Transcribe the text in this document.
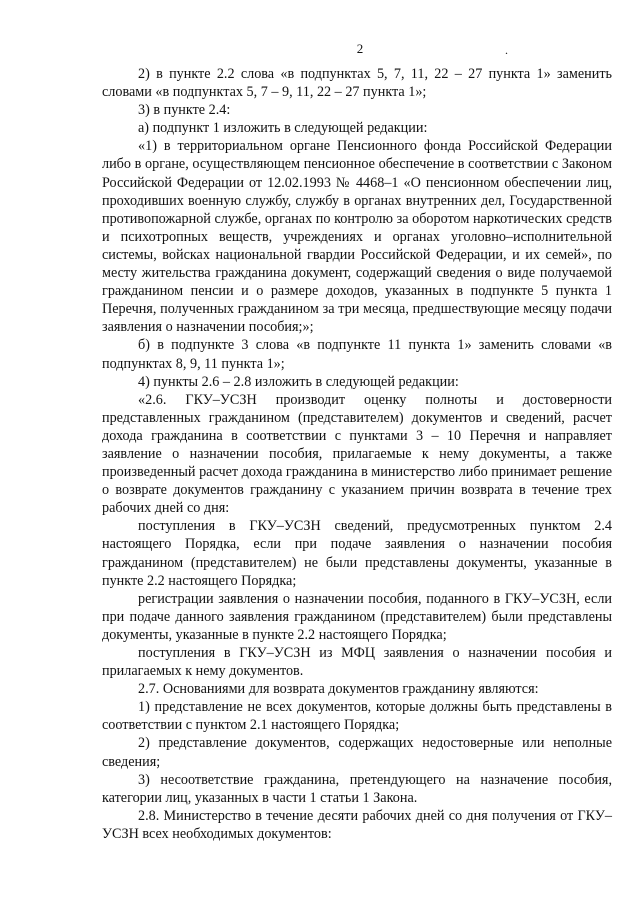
2	.

2) в пункте 2.2 слова «в подпунктах 5, 7, 11, 22 – 27 пункта 1» заменить словами «в подпунктах 5, 7 – 9, 11, 22 – 27 пункта 1»;

3) в пункте 2.4:

а) подпункт 1 изложить в следующей редакции:

«1) в территориальном органе Пенсионного фонда Российской Федерации либо в органе, осуществляющем пенсионное обеспечение в соответствии с Законом Российской Федерации от 12.02.1993 № 4468–1 «О пенсионном обеспечении лиц, проходивших военную службу, службу в органах внутренних дел, Государственной противопожарной службе, органах по контролю за оборотом наркотических средств и психотропных веществ, учреждениях и органах уголовно–исполнительной системы, войсках национальной гвардии Российской Федерации, и их семей», по месту жительства гражданина документ, содержащий сведения о виде получаемой гражданином пенсии и о размере доходов, указанных в подпункте 5 пункта 1 Перечня, полученных гражданином за три месяца, предшествующие месяцу подачи заявления о назначении пособия;»;

б) в подпункте 3 слова «в подпункте 11 пункта 1» заменить словами «в подпунктах 8, 9, 11 пункта 1»;

4) пункты 2.6 – 2.8 изложить в следующей редакции:

«2.6. ГКУ–УСЗН производит оценку полноты и достоверности представленных гражданином (представителем) документов и сведений, расчет дохода гражданина в соответствии с пунктами 3 – 10 Перечня и направляет заявление о назначении пособия, прилагаемые к нему документы, а также произведенный расчет дохода гражданина в министерство либо принимает решение о возврате документов гражданину с указанием причин возврата в течение трех рабочих дней со дня:

поступления в ГКУ–УСЗН сведений, предусмотренных пунктом 2.4 настоящего Порядка, если при подаче заявления о назначении пособия гражданином (представителем) не были представлены документы, указанные в пункте 2.2 настоящего Порядка;

регистрации заявления о назначении пособия, поданного в ГКУ–УСЗН, если при подаче данного заявления гражданином (представителем) были представлены документы, указанные в пункте 2.2 настоящего Порядка;

поступления в ГКУ–УСЗН из МФЦ заявления о назначении пособия и прилагаемых к нему документов.

2.7. Основаниями для возврата документов гражданину являются:

1) представление не всех документов, которые должны быть представлены в соответствии с пунктом 2.1 настоящего Порядка;

2) представление документов, содержащих недостоверные или неполные сведения;

3) несоответствие гражданина, претендующего на назначение пособия, категории лиц, указанных в части 1 статьи 1 Закона.

2.8. Министерство в течение десяти рабочих дней со дня получения от ГКУ–УСЗН всех необходимых документов:
